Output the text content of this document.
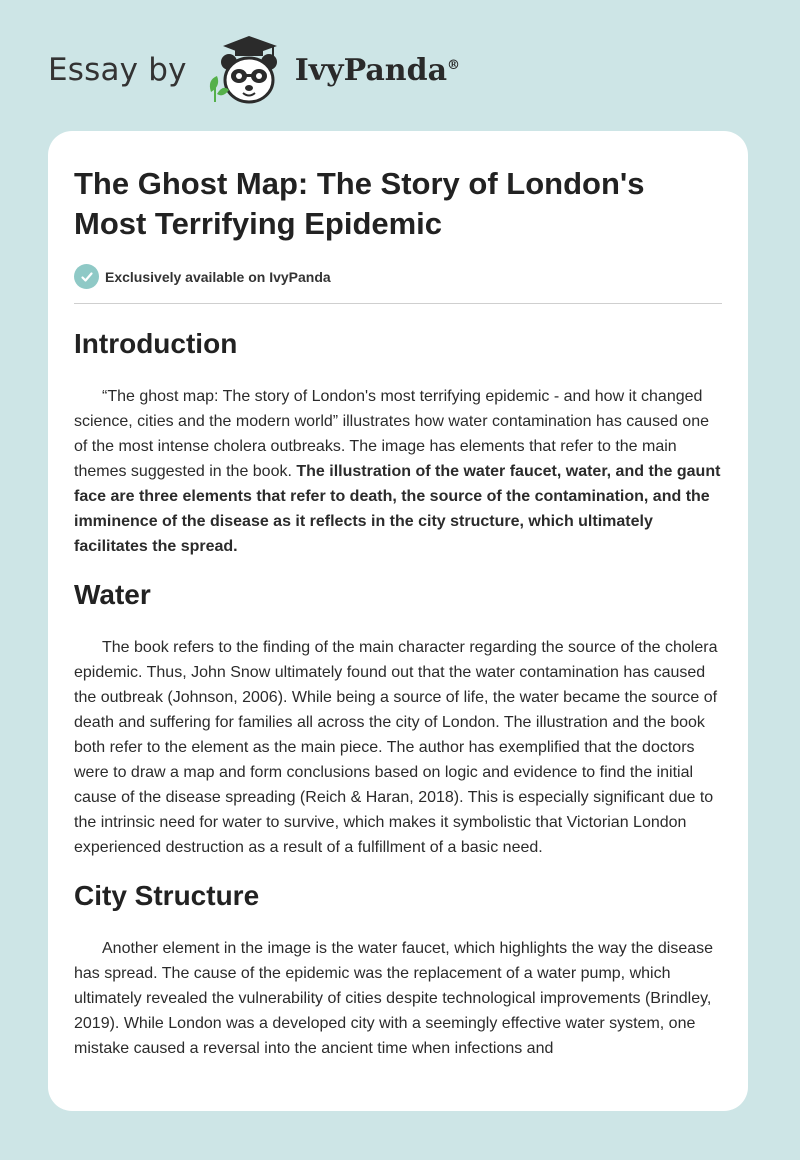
Essay by	IvyPanda®
The Ghost Map: The Story of London's Most Terrifying Epidemic
Exclusively available on IvyPanda
Introduction

“The ghost map: The story of London's most terrifying epidemic - and how it changed science, cities and the modern world” illustrates how water contamination has caused one of the most intense cholera outbreaks. The image has elements that refer to the main themes suggested in the book. The illustration of the water faucet, water, and the gaunt face are three elements that refer to death, the source of the contamination, and the imminence of the disease as it reflects in the city structure, which ultimately facilitates the spread.

Water

The book refers to the finding of the main character regarding the source of the cholera epidemic. Thus, John Snow ultimately found out that the water contamination has caused the outbreak (Johnson, 2006). While being a source of life, the water became the source of death and suffering for families all across the city of London. The illustration and the book both refer to the element as the main piece. The author has exemplified that the doctors were to draw a map and form conclusions based on logic and evidence to find the initial cause of the disease spreading (Reich & Haran, 2018). This is especially significant due to the intrinsic need for water to survive, which makes it symbolistic that Victorian London experienced destruction as a result of a fulfillment of a basic need.

City Structure

Another element in the image is the water faucet, which highlights the way the disease has spread. The cause of the epidemic was the replacement of a water pump, which ultimately revealed the vulnerability of cities despite technological improvements (Brindley, 2019). While London was a developed city with a seemingly effective water system, one mistake caused a reversal into the ancient time when infections and
